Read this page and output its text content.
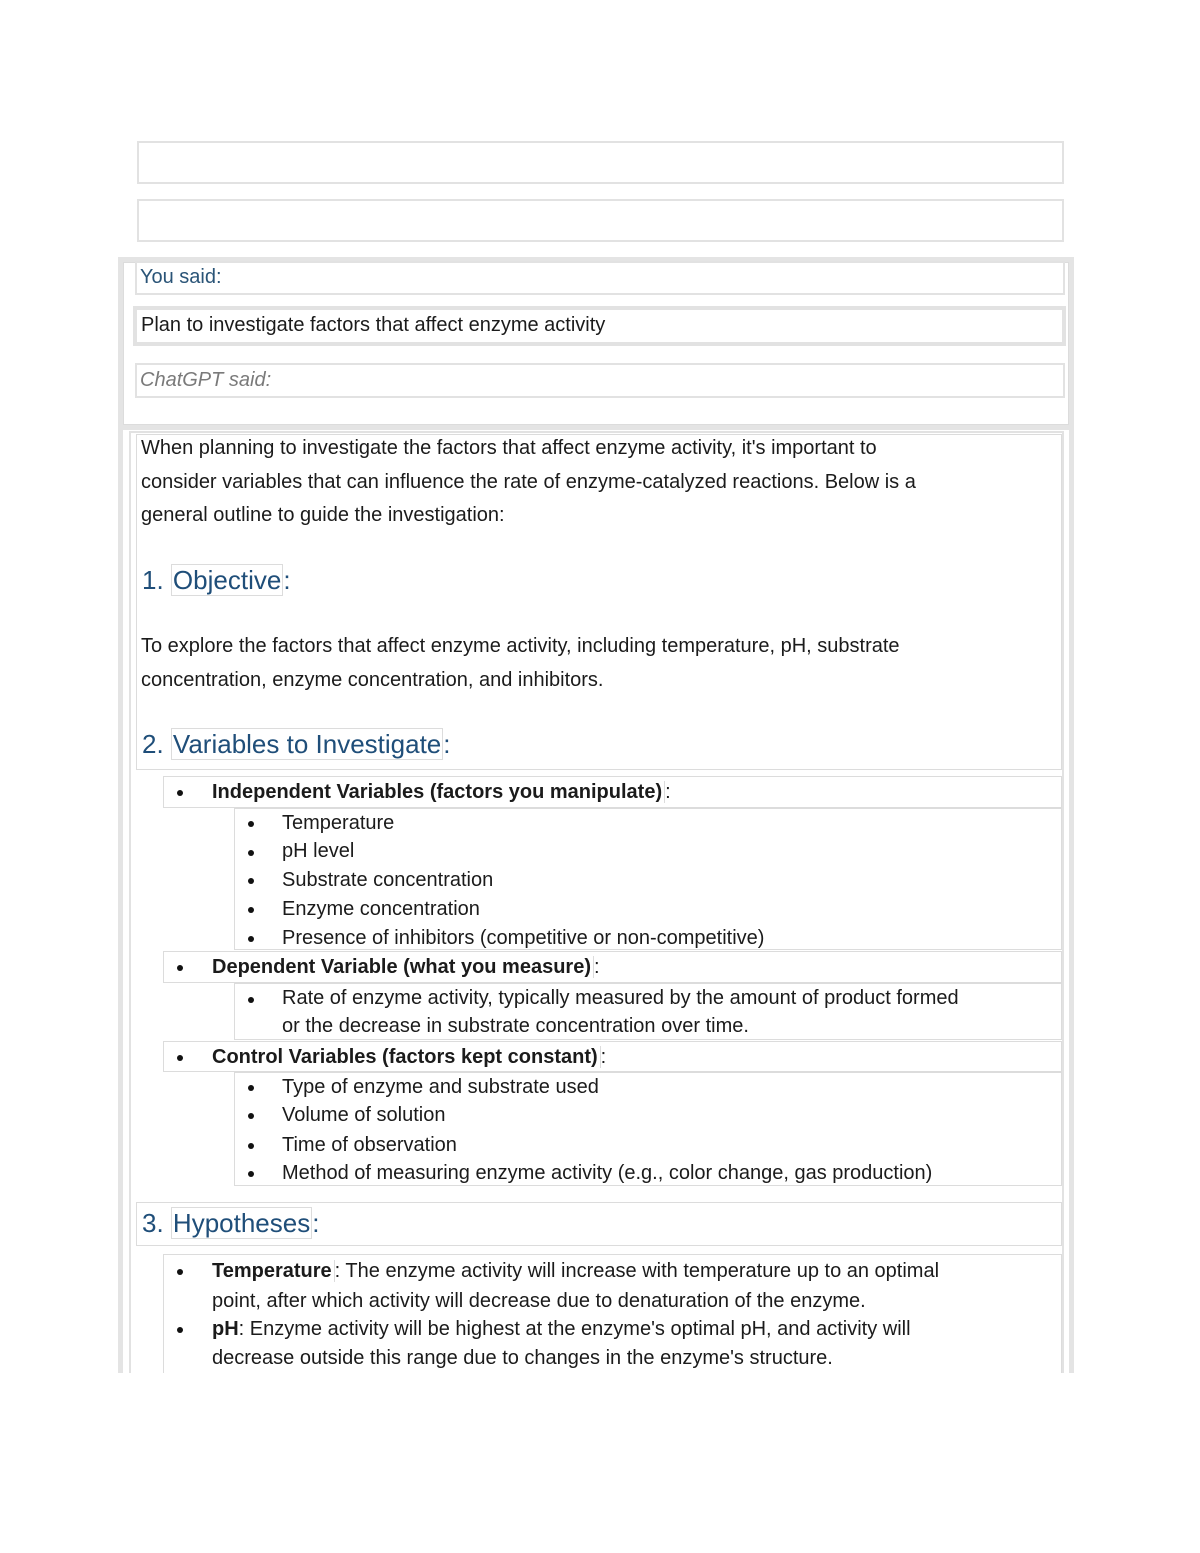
You said:
Plan to investigate factors that affect enzyme activity
ChatGPT said:
When planning to investigate the factors that affect enzyme activity, it's important to
consider variables that can influence the rate of enzyme-catalyzed reactions. Below is a
general outline to guide the investigation:
1. Objective:
To explore the factors that affect enzyme activity, including temperature, pH, substrate
concentration, enzyme concentration, and inhibitors.
2. Variables to Investigate:
Independent Variables (factors you manipulate) :
Temperature
pH level
Substrate concentration
Enzyme concentration
Presence of inhibitors (competitive or non-competitive)
Dependent Variable (what you measure) :
Rate of enzyme activity, typically measured by the amount of product formed
or the decrease in substrate concentration over time.
Control Variables (factors kept constant) :
Type of enzyme and substrate used
Volume of solution
Time of observation
Method of measuring enzyme activity (e.g., color change, gas production)
3. Hypotheses:
Temperature : The enzyme activity will increase with temperature up to an optimal
point, after which activity will decrease due to denaturation of the enzyme.
pH: Enzyme activity will be highest at the enzyme's optimal pH, and activity will
decrease outside this range due to changes in the enzyme's structure.
